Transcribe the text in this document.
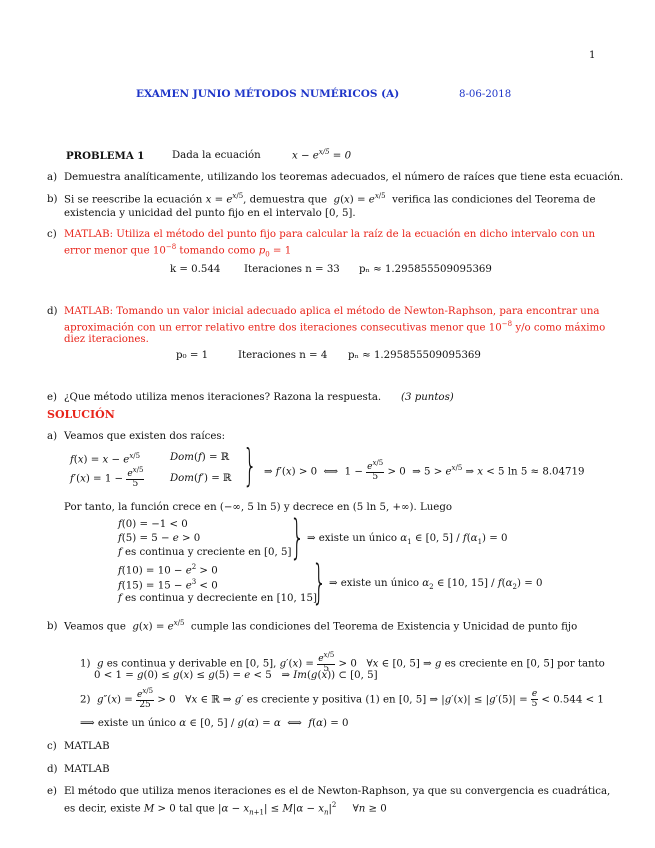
1
EXAMEN JUNIO MÉTODOS NUMÉRICOS (A)	8-06-2018
PROBLEMA 1	Dada la ecuación	$x - e^{x/5} = 0$
a) Demuestra analíticamente, utilizando los teoremas adecuados, el número de raíces que tiene esta ecuación.
b) Si se reescribe la ecuación $x = e^{x/5}$, demuestra que  $g(x) = e^{x/5}$  verifica las condiciones del Teorema de
existencia y unicidad del punto fijo en el intervalo [0, 5].
c) MATLAB: Utiliza el método del punto fijo para calcular la raíz de la ecuación en dicho intervalo con un
error menor que $10^{-8}$ tomando como $p_0 = 1$
k = 0.544 Iteraciones n = 33 pₙ ≈ 1.295855509095369
d) MATLAB: Tomando un valor inicial adecuado aplica el método de Newton-Raphson, para encontrar una
aproximación con un error relativo entre dos iteraciones consecutivas menor que $10^{-8}$ y/o como máximo
diez iteraciones.
p₀ = 1	Iteraciones n = 4 pₙ ≈ 1.295855509095369
e) ¿Que método utiliza menos iteraciones? Razona la respuesta. (3 puntos)
SOLUCIÓN
a) Veamos que existen dos raíces:
$f(x) = x - e^{x/5}$	Dom(f) = ℝ
$f'(x) = 1 - \frac{e^{x/5}}{5}$	Dom(f′) = ℝ } ⇒ f′(x) > 0  ⟺  $1 - \frac{e^{x/5}}{5} > 0$  ⇒ $5 > e^{x/5}$ ⇒ x < 5 ln 5 ≈ 8.04719
Por tanto, la función crece en (−∞, 5 ln 5) y decrece en (5 ln 5, +∞). Luego
f(0) = −1 < 0
f(5) = 5 − e > 0
f es continua y creciente en [0, 5]
} ⇒ existe un único $\alpha_1$ ∈ [0, $5] / f(\alpha_1) = 0$
$f(10) = 10 - e^2 > 0$
$f(15) = 15 - e^3 < 0$
f es continua y decreciente en [10, 15]
} ⇒ existe un único $\alpha_2$ ∈ [10, $15] / f(\alpha_2) = 0$
b) Veamos que  $g(x) = e^{x/5}$  cumple las condiciones del Teorema de Existencia y Unicidad de punto fijo
1)  g es continua y derivable en [0, 5], $g'(x) = \frac{e^{x/5}}{5} > 0$   ∀x ∈ [0, 5] ⇒ g es creciente en [0, 5] por tanto
0 < 1 = g(0) ≤ g(x) ≤ g(5) = e < 5   ⇒ Im(g(x)) ⊂ [0, 5]
2)  $g''(x) = \frac{e^{x/5}}{25} > 0$   ∀x ∈ ℝ ⇒ g′ es creciente y positiva (1) en [0, 5] ⇒ $|g'(x)| \le |g'(5)| = \frac{e}{5} < 0.544 < 1$
⟹ existe un único α ∈ [0, 5] / g(α) = α  ⟺  f(α) = 0
c) MATLAB
d) MATLAB
e) El método que utiliza menos iteraciones es el de Newton-Raphson, ya que su convergencia es cuadrática,
es decir, existe M > 0 tal que $|\alpha - x_{n+1}| \le M|\alpha - x_n|^2$     ∀n ≥ 0
